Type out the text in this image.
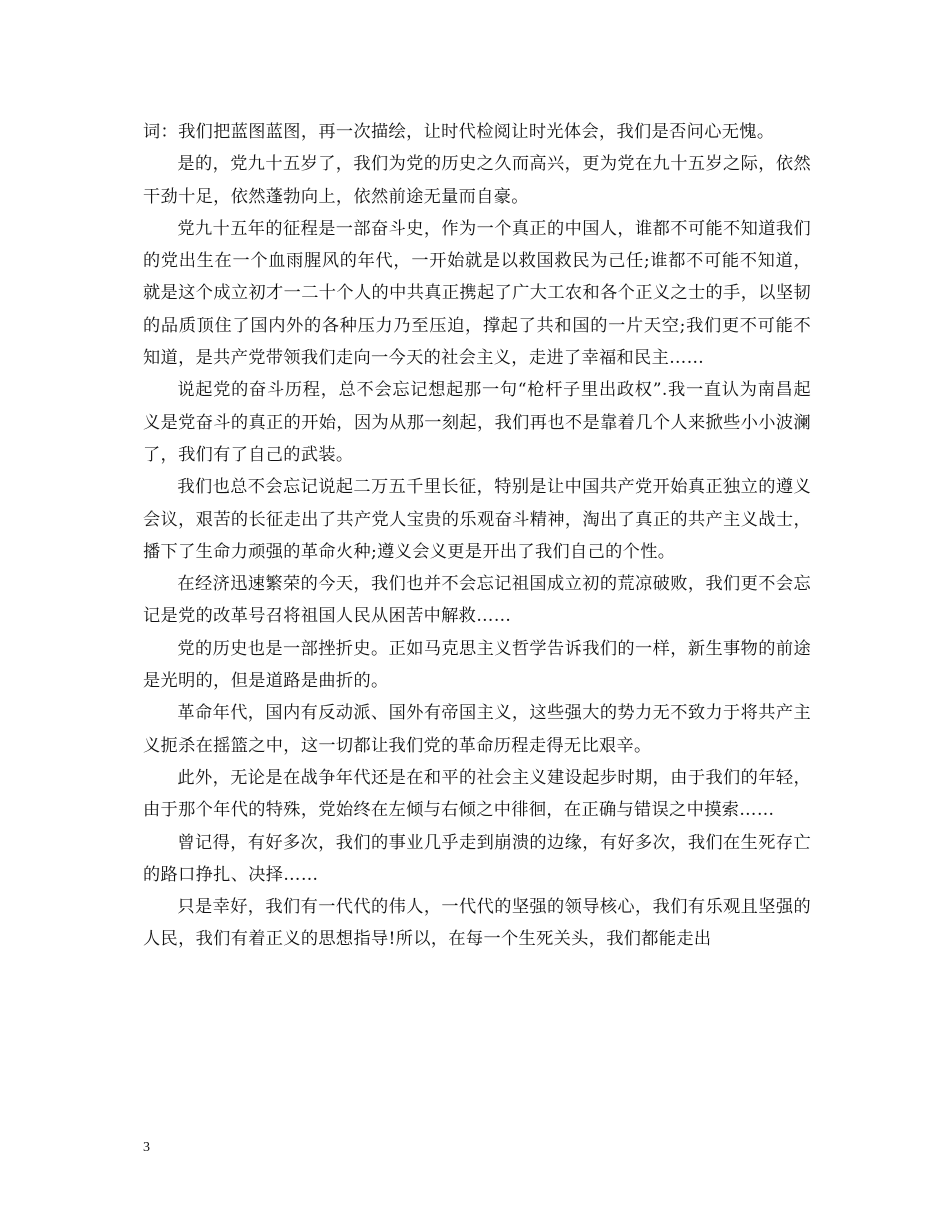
词：我们把蓝图蓝图，再一次描绘，让时代检阅让时光体会，我们是否问心无愧。

是的，党九十五岁了，我们为党的历史之久而高兴，更为党在九十五岁之际，依然干劲十足，依然蓬勃向上，依然前途无量而自豪。

党九十五年的征程是一部奋斗史，作为一个真正的中国人，谁都不可能不知道我们的党出生在一个血雨腥风的年代，一开始就是以救国救民为己任;谁都不可能不知道，就是这个成立初才一二十个人的中共真正携起了广大工农和各个正义之士的手，以坚韧的品质顶住了国内外的各种压力乃至压迫，撑起了共和国的一片天空;我们更不可能不知道，是共产党带领我们走向一今天的社会主义，走进了幸福和民主……

说起党的奋斗历程，总不会忘记想起那一句“枪杆子里出政权”.我一直认为南昌起义是党奋斗的真正的开始，因为从那一刻起，我们再也不是靠着几个人来掀些小小波澜了，我们有了自己的武装。

我们也总不会忘记说起二万五千里长征，特别是让中国共产党开始真正独立的遵义会议，艰苦的长征走出了共产党人宝贵的乐观奋斗精神，淘出了真正的共产主义战士，播下了生命力顽强的革命火种;遵义会义更是开出了我们自己的个性。

在经济迅速繁荣的今天，我们也并不会忘记祖国成立初的荒凉破败，我们更不会忘记是党的改革号召将祖国人民从困苦中解救……

党的历史也是一部挫折史。正如马克思主义哲学告诉我们的一样，新生事物的前途是光明的，但是道路是曲折的。

革命年代，国内有反动派、国外有帝国主义，这些强大的势力无不致力于将共产主义扼杀在摇篮之中，这一切都让我们党的革命历程走得无比艰辛。

此外，无论是在战争年代还是在和平的社会主义建设起步时期，由于我们的年轻，由于那个年代的特殊，党始终在左倾与右倾之中徘徊，在正确与错误之中摸索……

曾记得，有好多次，我们的事业几乎走到崩溃的边缘，有好多次，我们在生死存亡的路口挣扎、决择……

只是幸好，我们有一代代的伟人，一代代的坚强的领导核心，我们有乐观且坚强的人民，我们有着正义的思想指导!所以，在每一个生死关头，我们都能走出

3
